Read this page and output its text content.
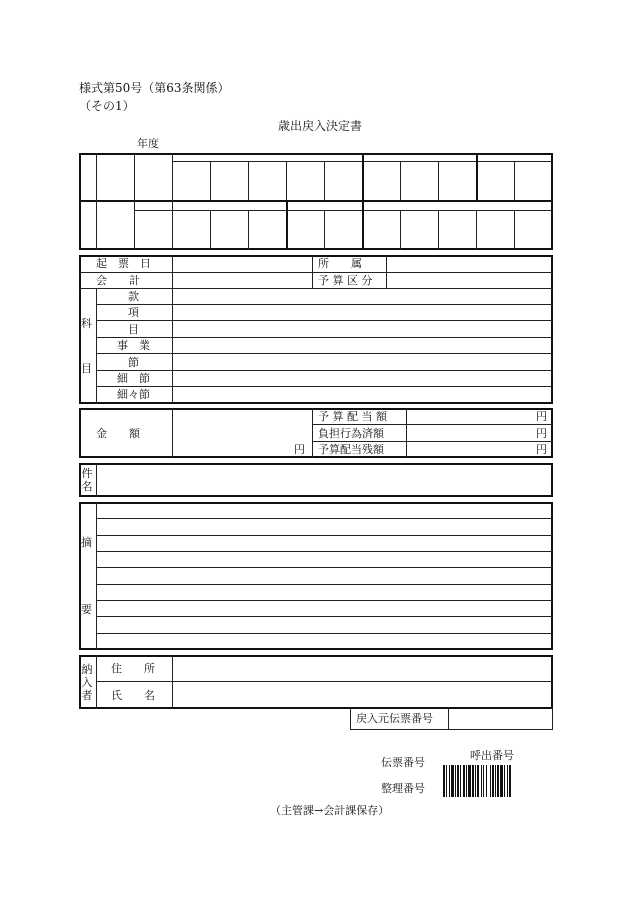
様式第50号（第63条関係）
（その1）
歳出戻入決定書
年度
起　票　日	所　　属
会　　計	予 算 区 分
科
目
款
項
目
事　業
節
細　節
細々節
金　　額
円
予 算 配 当 額
負担行為済額
予算配当残額
円
円
円
件名
摘
要
納入者
住　　所
氏　　名
戻入元伝票番号
伝票番号
呼出番号
整理番号
（主管課→会計課保存）
